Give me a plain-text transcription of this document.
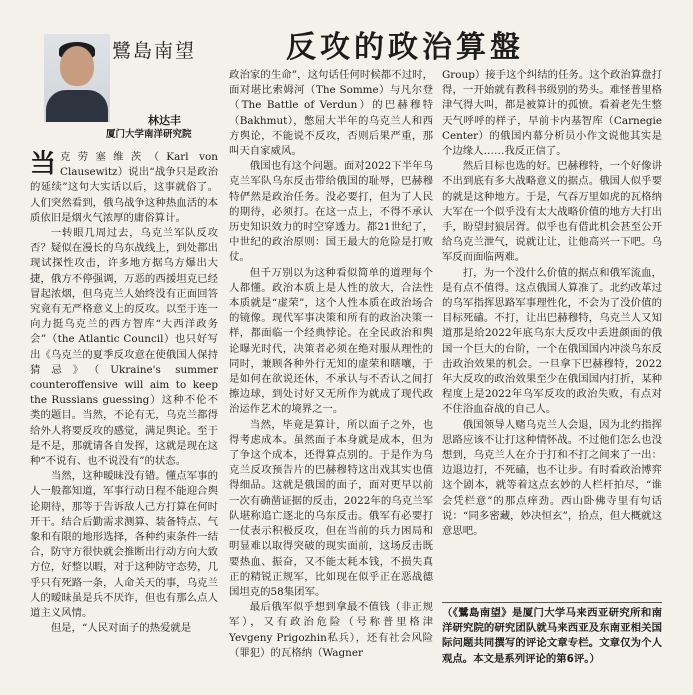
鷺島南望
林达丰
厦门大学南洋研究院
反攻的政治算盤

当克劳塞维茨（Karl von Clausewitz）说出“战争只是政治的延续”这句大实话以后，这事就俗了。人们突然看到，俄乌战争这种热血活的本质依旧是烟火气浓厚的庸俗算计。

一转眼几周过去，乌克兰军队反攻否？疑似在漫长的乌东战线上，到处都出现试探性攻击，许多地方据乌方爆出大捷，俄方不停强调，万恶的西援坦克已经冒起浓烟，但乌克兰人始终没有正面回答究竟有无严格意义上的反攻。以至于连一向力挺乌克兰的西方智库“大西洋政务会”（the Atlantic Council）也只好写出《乌克兰的夏季反攻意在使俄国人保持猜忌》（Ukraine's summer counteroffensive will aim to keep the Russians guessing）这种不伦不类的题目。当然，不论有无，乌克兰都得给外人将要反攻的感觉，满足舆论。至于是不是，那就请各自发挥，这就是现在这种“不说有、也不说没有”的状态。

当然，这种暧昧没有错。懂点军事的人一般都知道，军事行动日程不能迎合舆论期待，那等于告诉敌人己方打算在何时开干。结合后勤需求测算、装备特点、气象和有限的地形选择，各种约束条件一结合，防守方很快就会推断出行动方向大致方位，好整以暇，对于这种防守态势，几乎只有死路一条，人命关天的事，乌克兰人的暧昧虽是兵不厌诈，但也有那么点人道主义风情。

但是，“人民对面子的热爱就是

政治家的生命”，这句话任何时候都不过时，面对堪比索姆河（The Somme）与凡尔登（The Battle of Verdun）的巴赫穆特（Bakhmut），憋屈大半年的乌克兰人和西方舆论，不能说不反攻，否则后果严重，那叫天自家威风。

俄国也有这个问题。面对2022下半年乌克兰军队乌东反击带给俄国的耻辱，巴赫穆特俨然是政治任务。没必要打，但为了人民的期待，必须打。在这一点上，不得不承认历史知识效力的时空穿透力。都21世纪了，中世纪的政治原则：国王最大的危险是打败仗。

但千万别以为这种看似简单的道理每个人都懂。政治本质上是人性的放大，合法性本质就是“虚荣”，这个人性本质在政治场合的镜像。现代军事决策和所有的政治决策一样，都面临一个经典悖论。在全民政治和舆论曝光时代，决策者必须在绝对服从理性的同时，兼顾各种外行无知的虚荣和瞎嚷，于是如何在欲说还休，不承认与不否认之间打擦边球，到处讨好又无所作为就成了现代政治运作艺术的境界之一。

当然，毕竟是算计，所以面子之外，也得考虑成本。虽然面子本身就是成本，但为了争这个成本，还得算点别的。于是作为乌克兰反攻预告片的巴赫穆特这出戏其实也值得细品。这就是俄国的面子，面对更早以前一次有确凿证据的反击，2022年的乌克兰军队堪称追亡逐北的乌东反击。俄军有必要打一仗表示积极反攻，但在当前的兵力困局和明显难以取得突破的现实面前，这场反击既要热血、振奋，又不能太耗本钱，不损失真正的精锐正规军，比如现在似乎正在恶战德国坦克的58集团军。

最后俄军似乎想到拿最不值钱（非正规军），又有政治危险（号称普里格津Yevgeny Prigozhin私兵），还有社会风险（罪犯）的瓦格纳（Wagner

Group）接手这个纠结的任务。这个政治算盘打得，一开始就有教科书级别的势头。难怪普里格津气得大叫，都是被算计的孤愤。看着老先生整天气呼呼的样子，早前卡内基智库（Carnegie Center）的俄国内幕分析员小作文说他其实是个边缘人……我反正信了。

然后目标也选的好。巴赫穆特，一个好像讲不出到底有多大战略意义的据点。俄国人似乎要的就是这种地方。于是，气吞万里如虎的瓦格纳大军在一个似乎没有太大战略价值的地方大打出手，盼望封狼居胥。似乎也有借此机会甚至公开给乌克兰泄气，说就让让，让他高兴一下吧。乌军反而面临两难。

打，为一个没什么价值的据点和俄军流血，是有点不值得。这点俄国人算准了。北约改革过的乌军指挥思路军事理性化，不会为了没价值的目标死磕。不打，让出巴赫穆特，乌克兰人又知道那是给2022年底乌东大反攻中丢进颜面的俄国一个巨大的台阶，一个在俄国国内冲淡乌东反击政治效果的机会。一旦拿下巴赫穆特，2022年大反攻的政治效果至少在俄国国内打折，某种程度上是2022年乌军反攻的政治失败，有点对不住浴血奋战的自己人。

俄国领导人赌乌克兰人会退，因为北约指挥思路应该不让打这种情怀战。不过他们怎么也没想到，乌克兰人在介于打和不打之间来了一出：边退边打，不死磕，也不让步。有时看政治博弈这个剧本，就等着这点玄妙的人栏杆拍尽，“谁会凭栏意”的那点痒劲。西山卧佛寺里有句话说：“同多密藏，妙决恒玄”，拾点，但大概就这意思吧。

（《鷺島南望》是厦门大学马来西亚研究所和南洋研究院的研究团队就马来西亚及东南亚相关国际问题共同撰写的评论文章专栏。文章仅为个人观点。本文是系列评论的第6评。）
